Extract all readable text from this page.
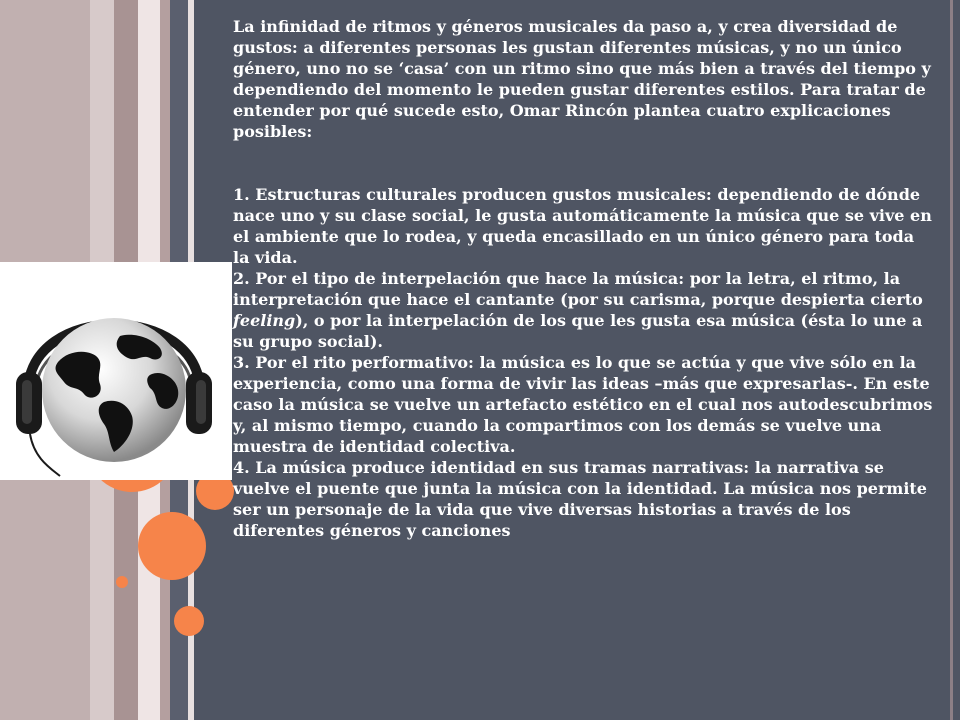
La infinidad de ritmos y géneros musicales da paso a, y crea diversidad de gustos: a diferentes personas les gustan diferentes músicas, y no un único género, uno no se ‘casa’ con un ritmo sino que más bien a través del tiempo y dependiendo del momento le pueden gustar diferentes estilos. Para tratar de entender por qué sucede esto, Omar Rincón plantea cuatro explicaciones posibles:

1. Estructuras culturales producen gustos musicales: dependiendo de dónde nace uno y su clase social, le gusta automáticamente la música que se vive en el ambiente que lo rodea, y queda encasillado en un único género para toda la vida.

2. Por el tipo de interpelación que hace la música: por la letra, el ritmo, la interpretación que hace el cantante (por su carisma, porque despierta cierto feeling), o por la interpelación de los que les gusta esa música (ésta lo une a su grupo social).

3. Por el rito performativo: la música es lo que se actúa y que vive sólo en la experiencia, como una forma de vivir las ideas –más que expresarlas-. En este caso la música se vuelve un artefacto estético en el cual nos autodescubrimos y, al mismo tiempo, cuando la compartimos con los demás se vuelve una muestra de identidad colectiva.

4. La música produce identidad en sus tramas narrativas: la narrativa se vuelve el puente que junta la música con la identidad. La música nos permite ser un personaje de la vida que vive diversas historias a través de los diferentes géneros y canciones
